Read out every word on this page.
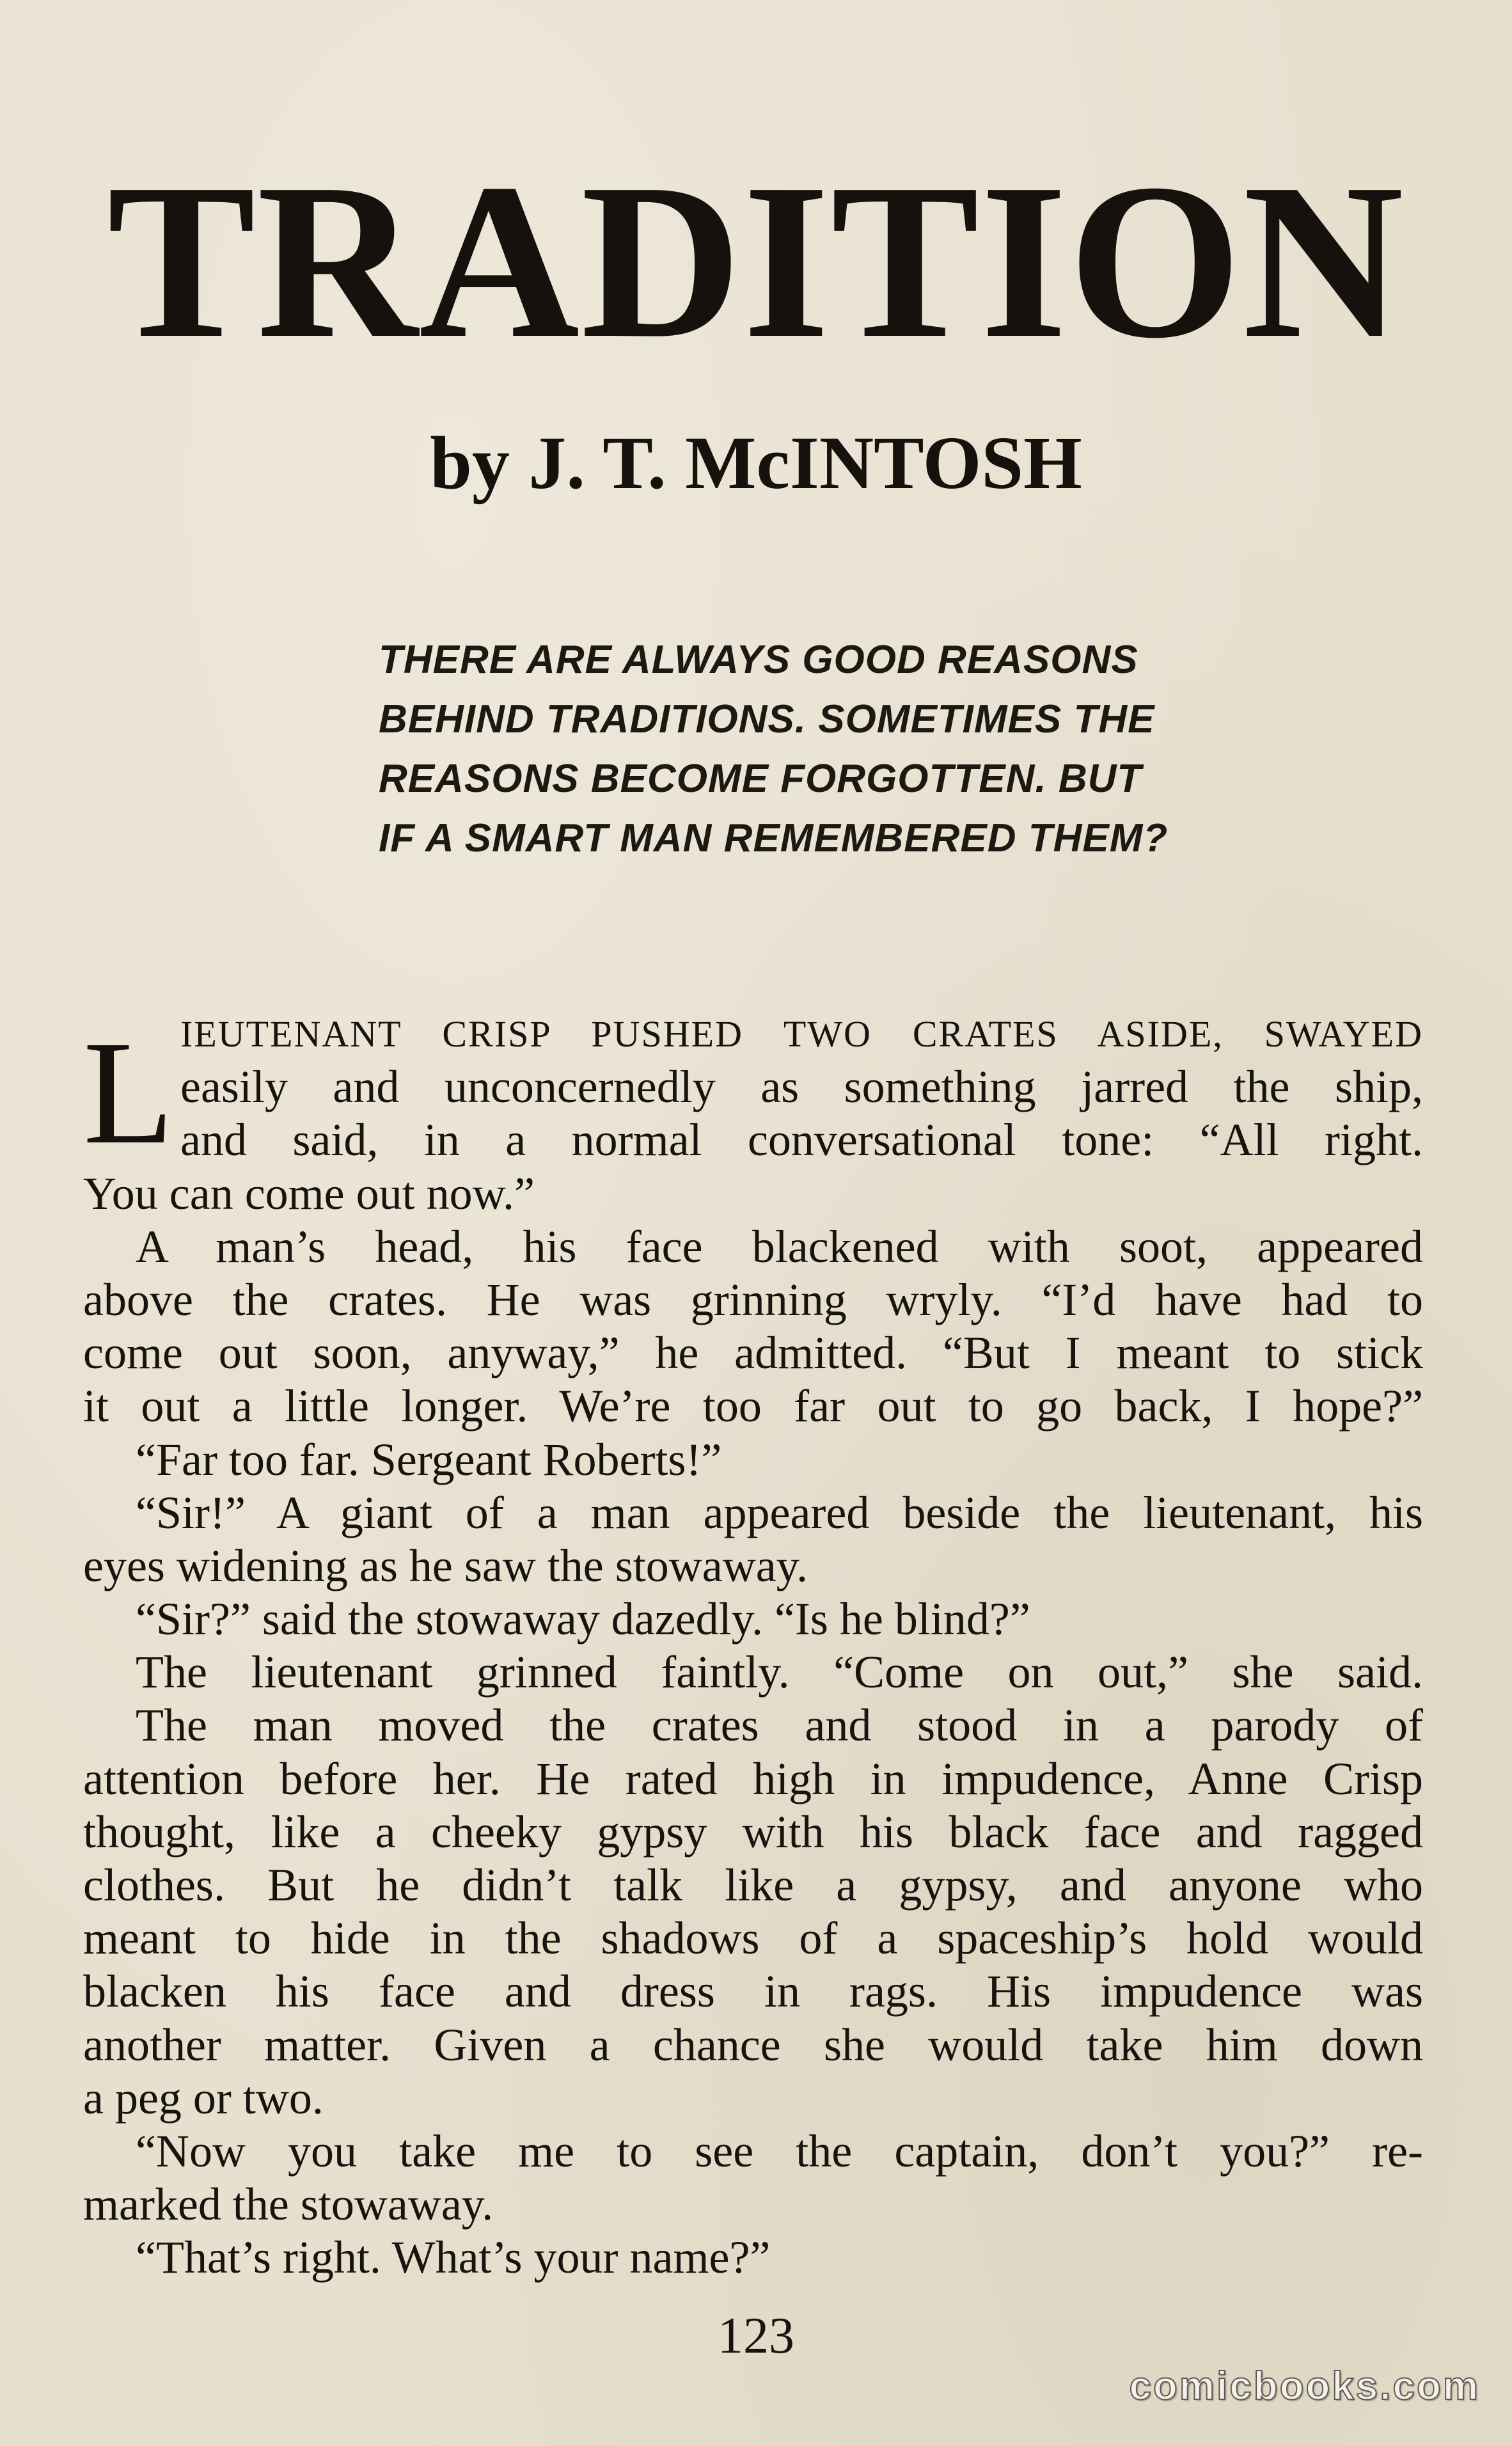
TRADITION
by J. T. McINTOSH
THERE ARE ALWAYS GOOD REASONS
BEHIND TRADITIONS. SOMETIMES THE
REASONS BECOME FORGOTTEN. BUT
IF A SMART MAN REMEMBERED THEM?
L IEUTENANT CRISP PUSHED TWO CRATES ASIDE, SWAYED
easily and unconcernedly as something jarred the ship,
and said, in a normal conversational tone: “All right.
You can come out now.”
A man’s head, his face blackened with soot, appeared
above the crates. He was grinning wryly. “I’d have had to
come out soon, anyway,” he admitted. “But I meant to stick
it out a little longer. We’re too far out to go back, I hope?”
“Far too far. Sergeant Roberts!”
“Sir!” A giant of a man appeared beside the lieutenant, his
eyes widening as he saw the stowaway.
“Sir?” said the stowaway dazedly. “Is he blind?”
The lieutenant grinned faintly. “Come on out,” she said.
The man moved the crates and stood in a parody of
attention before her. He rated high in impudence, Anne Crisp
thought, like a cheeky gypsy with his black face and ragged
clothes. But he didn’t talk like a gypsy, and anyone who
meant to hide in the shadows of a spaceship’s hold would
blacken his face and dress in rags. His impudence was
another matter. Given a chance she would take him down
a peg or two.
“Now you take me to see the captain, don’t you?” re-
marked the stowaway.
“That’s right. What’s your name?”
123
comicbooks.com
